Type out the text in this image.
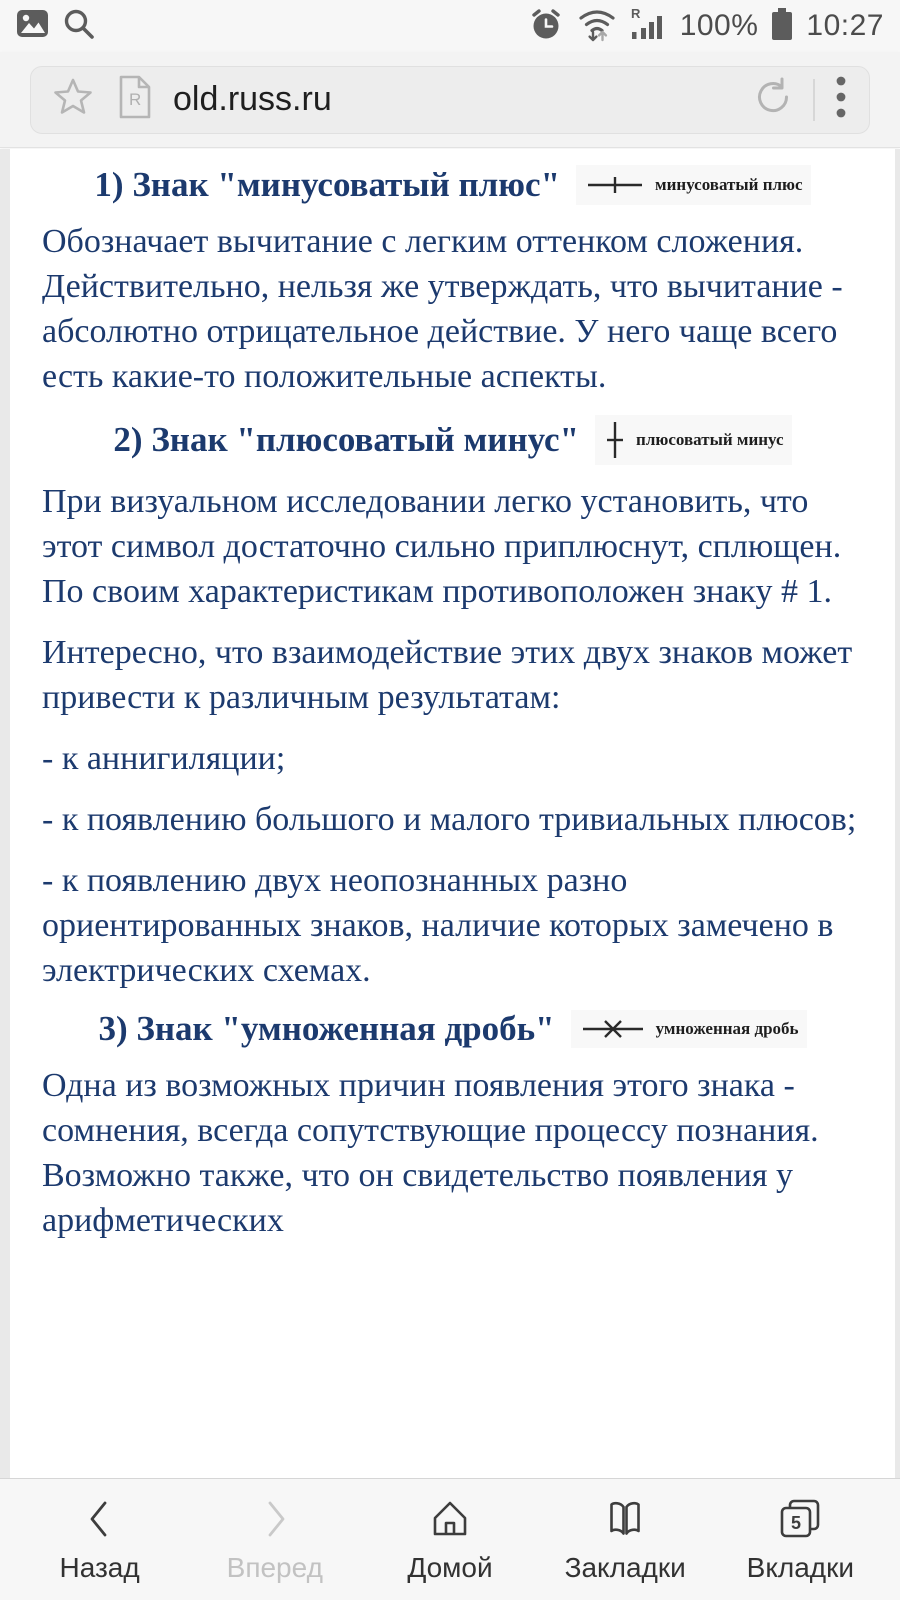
R 100% 10:27
R old.russ.ru
1) Знак "минусоватый плюс"	минусоватый плюс

Обозначает вычитание с легким оттенком сложения. Действительно, нельзя же утверждать, что вычитание - абсолютно отрицательное действие. У него чаще всего есть какие-то положительные аспекты.

2) Знак "плюсоватый минус"	плюсоватый минус

При визуальном исследовании легко установить, что этот символ достаточно сильно приплюснут, сплющен. По своим характеристикам противоположен знаку # 1.

Интересно, что взаимодействие этих двух знаков может привести к различным результатам:

- к аннигиляции;

- к появлению большого и малого тривиальных плюсов;

- к появлению двух неопознанных разно ориентированных знаков, наличие которых замечено в электрических схемах.

3) Знак "умноженная дробь"	умноженная дробь

Одна из возможных причин появления этого знака - сомнения, всегда сопутствующие процессу познания. Возможно также, что он свидетельство появления у арифметических

Назад	Вперед	Домой	Закладки
5
Вкладки
